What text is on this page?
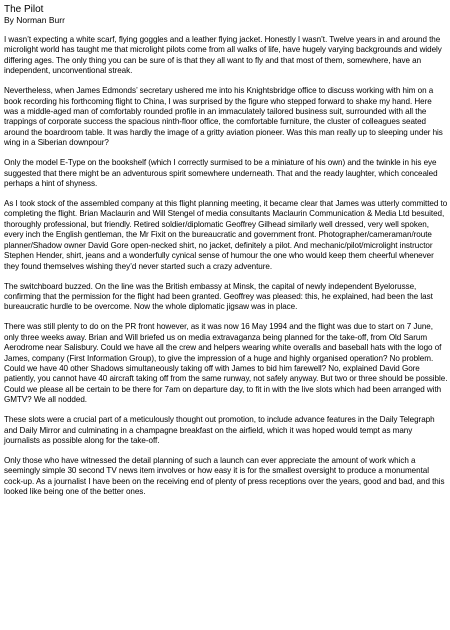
The Pilot
By Norman Burr

I wasn’t expecting a white scarf, flying goggles and a leather flying jacket. Honestly I wasn’t. Twelve years in and around the microlight world has taught me that microlight pilots come from all walks of life, have hugely varying backgrounds and widely differing ages. The only thing you can be sure of is that they all want to fly and that most of them, somewhere, have an independent, unconventional streak.

Nevertheless, when James Edmonds’ secretary ushered me into his Knightsbridge office to discuss working with him on a book recording his forthcoming flight to China, I was surprised by the figure who stepped forward to shake my hand. Here was a middle-aged man of comfortably rounded profile in an immaculately tailored business suit, surrounded with all the trappings of corporate success the spacious ninth-floor office, the comfortable furniture, the cluster of colleagues seated around the boardroom table. It was hardly the image of a gritty aviation pioneer. Was this man really up to sleeping under his wing in a Siberian downpour?

Only the model E-Type on the bookshelf (which I correctly surmised to be a miniature of his own) and the twinkle in his eye suggested that there might be an adventurous spirit somewhere underneath. That and the ready laughter, which concealed perhaps a hint of shyness.

As I took stock of the assembled company at this flight planning meeting, it became clear that James was utterly committed to completing the flight. Brian Maclaurin and Will Stengel of media consultants Maclaurin Communication & Media Ltd besuited, thoroughly professional, but friendly. Retired soldier/diplomatic Geoffrey Gilhead similarly well dressed, very well spoken, every inch the English gentleman, the Mr Fixit on the bureaucratic and government front. Photographer/cameraman/route planner/Shadow owner David Gore open-necked shirt, no jacket, definitely a pilot. And mechanic/pilot/microlight instructor Stephen Hender, shirt, jeans and a wonderfully cynical sense of humour the one who would keep them cheerful whenever they found themselves wishing they’d never started such a crazy adventure.

The switchboard buzzed. On the line was the British embassy at Minsk, the capital of newly independent Byelorusse, confirming that the permission for the flight had been granted. Geoffrey was pleased: this, he explained, had been the last bureaucratic hurdle to be overcome. Now the whole diplomatic jigsaw was in place.

There was still plenty to do on the PR front however, as it was now 16 May 1994 and the flight was due to start on 7 June, only three weeks away. Brian and Will briefed us on media extravaganza being planned for the take-off, from Old Sarum Aerodrome near Salisbury. Could we have all the crew and helpers wearing white overalls and baseball hats with the logo of James, company (First Information Group), to give the impression of a huge and highly organised operation? No problem. Could we have 40 other Shadows simultaneously taking off with James to bid him farewell? No, explained David Gore patiently, you cannot have 40 aircraft taking off from the same runway, not safely anyway. But two or three should be possible. Could we please all be certain to be there for 7am on departure day, to fit in with the live slots which had been arranged with GMTV? We all nodded.

These slots were a crucial part of a meticulously thought out promotion, to include advance features in the Daily Telegraph and Daily Mirror and culminating in a champagne breakfast on the airfield, which it was hoped would tempt as many journalists as possible along for the take-off.

Only those who have witnessed the detail planning of such a launch can ever appreciate the amount of work which a seemingly simple 30 second TV news item involves or how easy it is for the smallest oversight to produce a monumental cock-up. As a journalist I have been on the receiving end of plenty of press receptions over the years, good and bad, and this looked like being one of the better ones.
